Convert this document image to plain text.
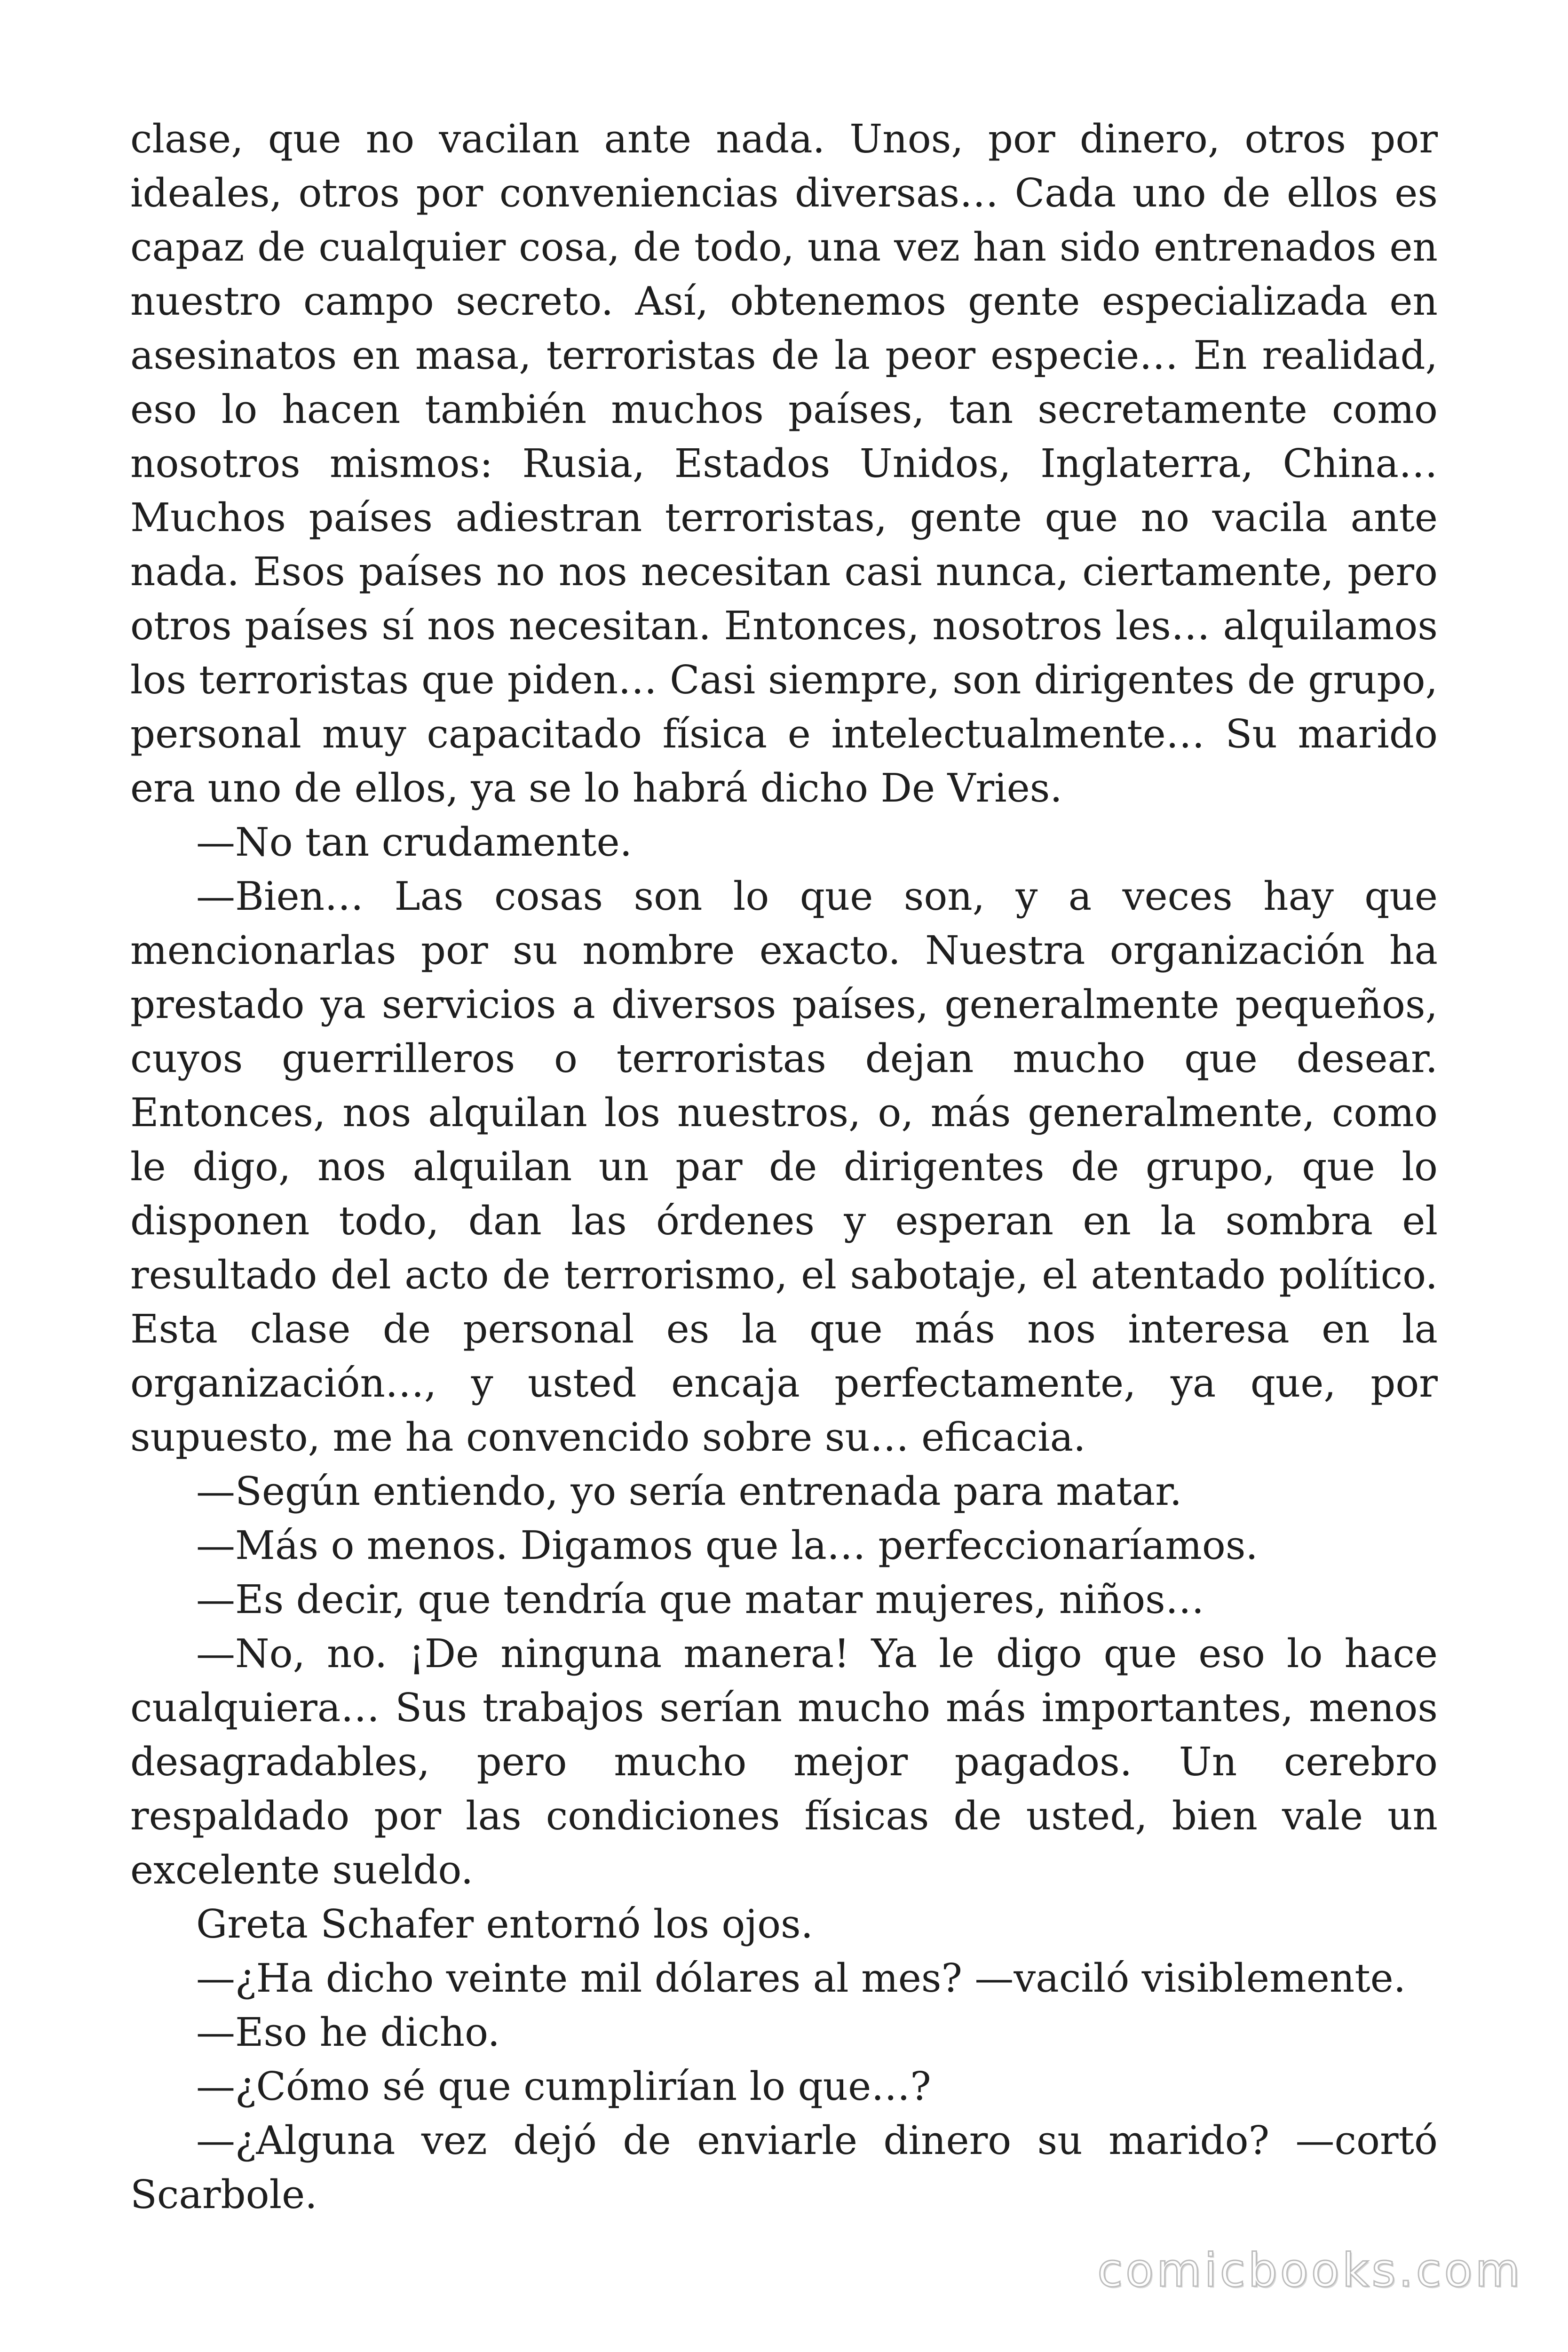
clase, que no vacilan ante nada. Unos, por dinero, otros por ideales, otros por conveniencias diversas… Cada uno de ellos es capaz de cualquier cosa, de todo, una vez han sido entrenados en nuestro campo secreto. Así, obtenemos gente especializada en asesinatos en masa, terroristas de la peor especie… En realidad, eso lo hacen también muchos países, tan secretamente como nosotros mismos: Rusia, Estados Unidos, Inglaterra, China… Muchos países adiestran terroristas, gente que no vacila ante nada. Esos países no nos necesitan casi nunca, ciertamente, pero otros países sí nos necesitan. Entonces, nosotros les… alquilamos los terroristas que piden… Casi siempre, son dirigentes de grupo, personal muy capacitado física e intelectualmente… Su marido era uno de ellos, ya se lo habrá dicho De Vries.

—No tan crudamente.

—Bien… Las cosas son lo que son, y a veces hay que mencionarlas por su nombre exacto. Nuestra organización ha prestado ya servicios a diversos países, generalmente pequeños, cuyos guerrilleros o terroristas dejan mucho que desear. Entonces, nos alquilan los nuestros, o, más generalmente, como le digo, nos alquilan un par de dirigentes de grupo, que lo disponen todo, dan las órdenes y esperan en la sombra el resultado del acto de terrorismo, el sabotaje, el atentado político. Esta clase de personal es la que más nos interesa en la organización…, y usted encaja perfectamente, ya que, por supuesto, me ha convencido sobre su… eficacia.

—Según entiendo, yo sería entrenada para matar.

—Más o menos. Digamos que la… perfeccionaríamos.

—Es decir, que tendría que matar mujeres, niños…

—No, no. ¡De ninguna manera! Ya le digo que eso lo hace cualquiera… Sus trabajos serían mucho más importantes, menos desagradables, pero mucho mejor pagados. Un cerebro respaldado por las condiciones físicas de usted, bien vale un excelente sueldo.

Greta Schafer entornó los ojos.

—¿Ha dicho veinte mil dólares al mes? —vaciló visiblemente.

—Eso he dicho.

—¿Cómo sé que cumplirían lo que…?

—¿Alguna vez dejó de enviarle dinero su marido? —cortó Scarbole.

comicbooks.com
